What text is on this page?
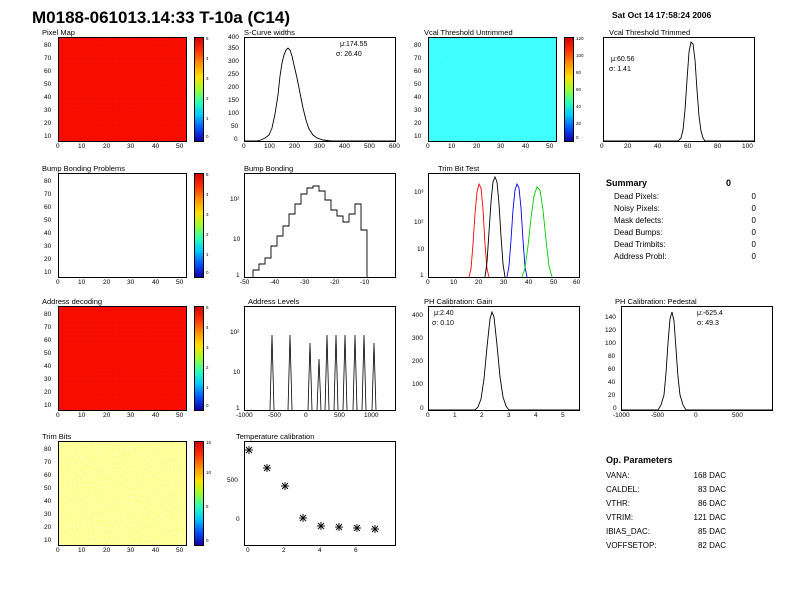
M0188-061013.14:33 T-10a (C14)	Sat Oct 14 17:58:24 2006
Pixel Map
10
20
30
40
50
60
70
80
0	10	20	30	40	50
5
4
3
2
1
0
S-Curve widths
μ:174.55
σ: 26.40
0
50
100
150
200
250
300
350
400
0	100 200 300 400 500 600
Vcal Threshold Untrimmed
10
20
30
40
50
60
70
80
0	10	20	30	40	50
120
100
80
60
40
20
0
Vcal Threshold Trimmed
μ:60.56
σ: 1.41
0	20	40	60	80	100
Bump Bonding Problems
10
20
30
40
50
60
70
80
0	10	20	30	40	50
5
4
3
2
1
0
Bump Bonding
1
10
10²
-50	-40	-30	-20	-10
Trim Bit Test
1
10
10²
10³
0	10	20	30	40	50 60
Summary	0
Dead Pixels:	0
Noisy Pixels:	0
Mask defects:	0
Dead Bumps:	0
Dead Trimbits:	0
Address Probl:	0
Address decoding
10
20
30
40
50
60
70
80
0	10	20	30	40	50
5
4
3
2
1
0
Address Levels
1
10
10²
-1000 -500	0	500	1000
PH Calibration: Gain
μ:2.40
σ: 0.10
0
100
200
300
400
0	1	2	3	4	5
PH Calibration: Pedestal
μ:-625.4
σ: 49.3
0
20
40
60
80
100
120
140
-1000	-500	0	500
Trim Bits
10
20
30
40
50
60
70
80
0	10	20	30	40	50
15
10
5
0
Temperature calibration
0
500
0	2	4	6
Op. Parameters
VANA:	168 DAC
CALDEL:	83 DAC
VTHR:	86 DAC
VTRIM:	121 DAC
IBIAS_DAC:	85 DAC
VOFFSETOP:	82 DAC
